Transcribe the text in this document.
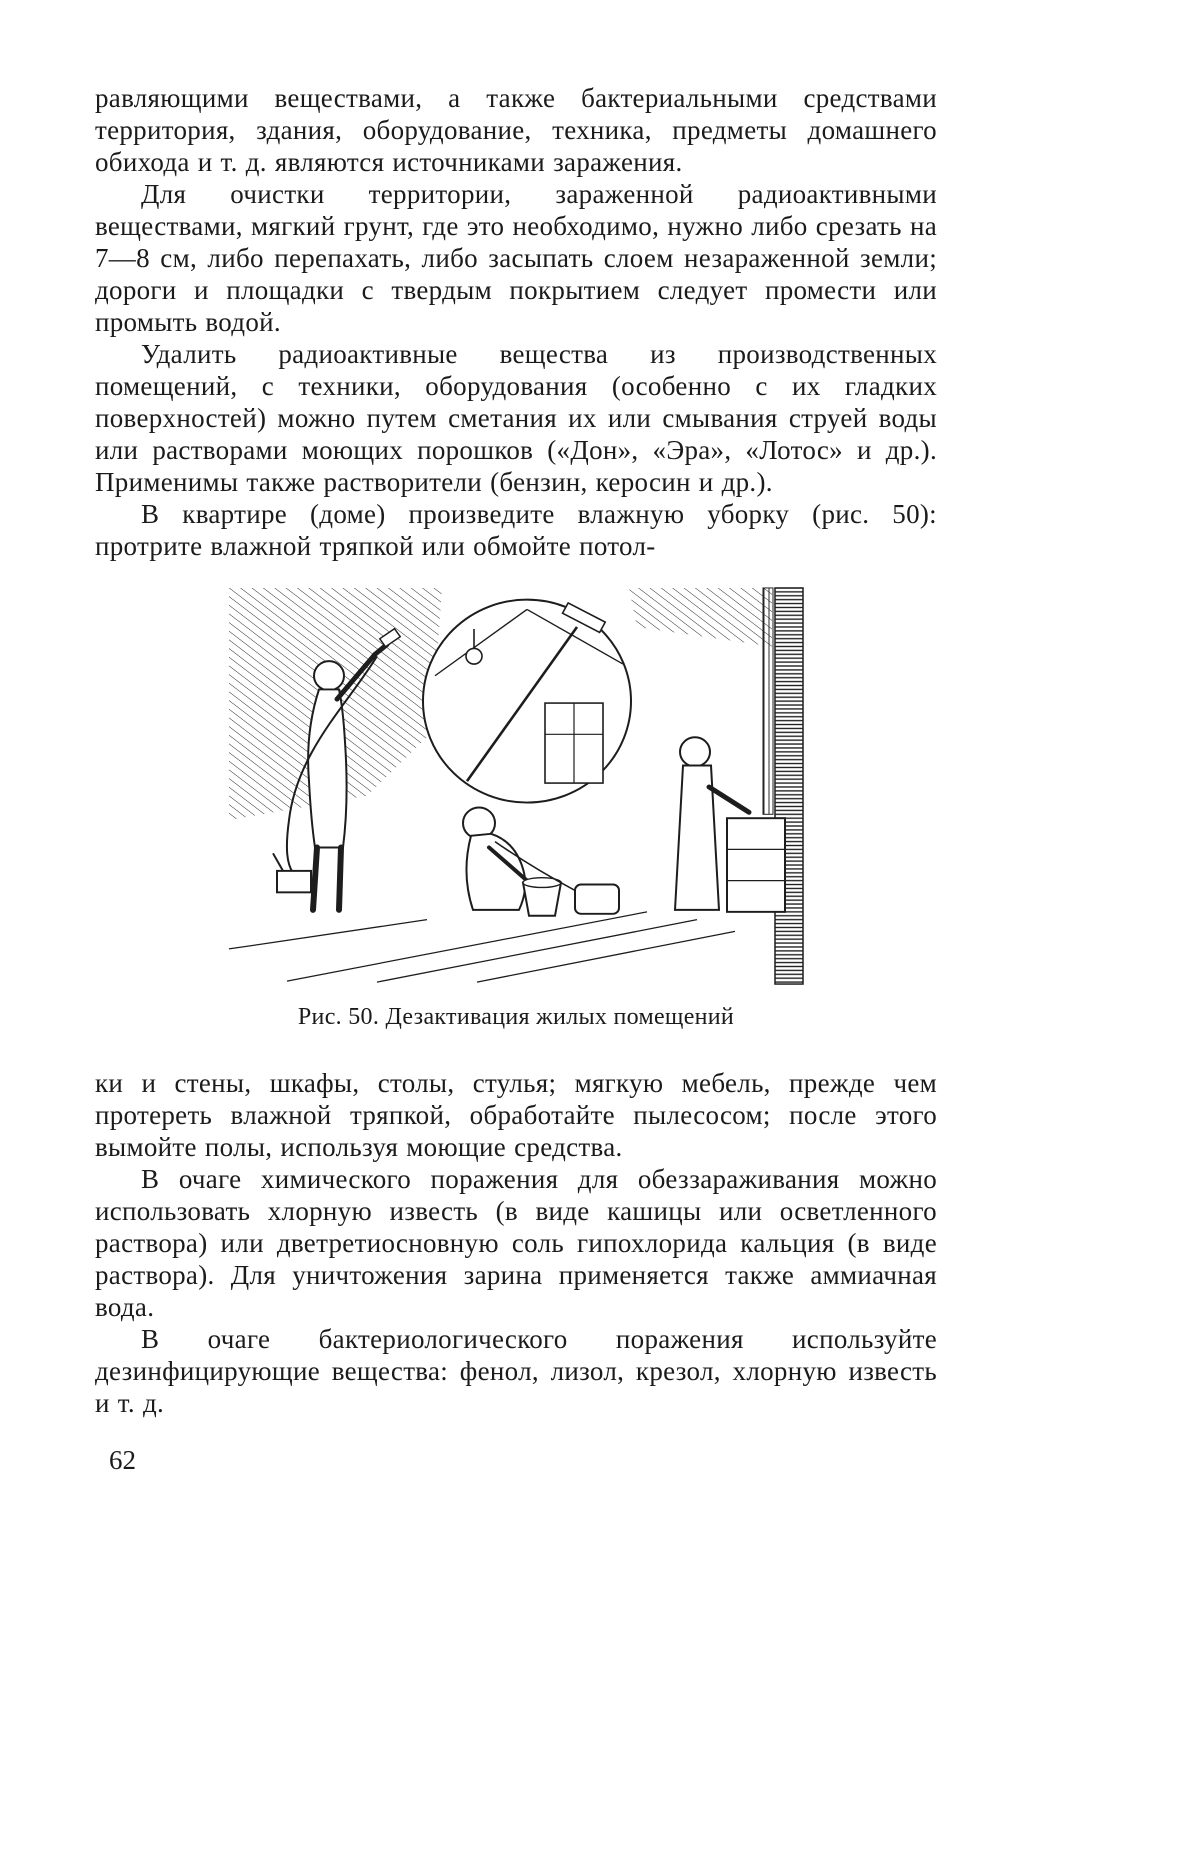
равляющими веществами, а также бактериальными средствами территория, здания, оборудование, техника, предметы домашнего обихода и т. д. являются источниками заражения.

Для очистки территории, зараженной радиоактивными веществами, мягкий грунт, где это необходимо, нужно либо срезать на 7—8 см, либо перепахать, либо засыпать слоем незараженной земли; дороги и площадки с твердым покрытием следует промести или промыть водой.

Удалить радиоактивные вещества из производственных помещений, с техники, оборудования (особенно с их гладких поверхностей) можно путем сметания их или смывания струей воды или растворами моющих порошков («Дон», «Эра», «Лотос» и др.). Применимы также растворители (бензин, керосин и др.).

В квартире (доме) произведите влажную уборку (рис. 50): протрите влажной тряпкой или обмойте потол-

Рис. 50. Дезактивация жилых помещений

ки и стены, шкафы, столы, стулья; мягкую мебель, прежде чем протереть влажной тряпкой, обработайте пылесосом; после этого вымойте полы, используя моющие средства.

В очаге химического поражения для обеззараживания можно использовать хлорную известь (в виде кашицы или осветленного раствора) или дветретиосновную соль гипохлорида кальция (в виде раствора). Для уничтожения зарина применяется также аммиачная вода.

В очаге бактериологического поражения используйте дезинфицирующие вещества: фенол, лизол, крезол, хлорную известь и т. д.

62
